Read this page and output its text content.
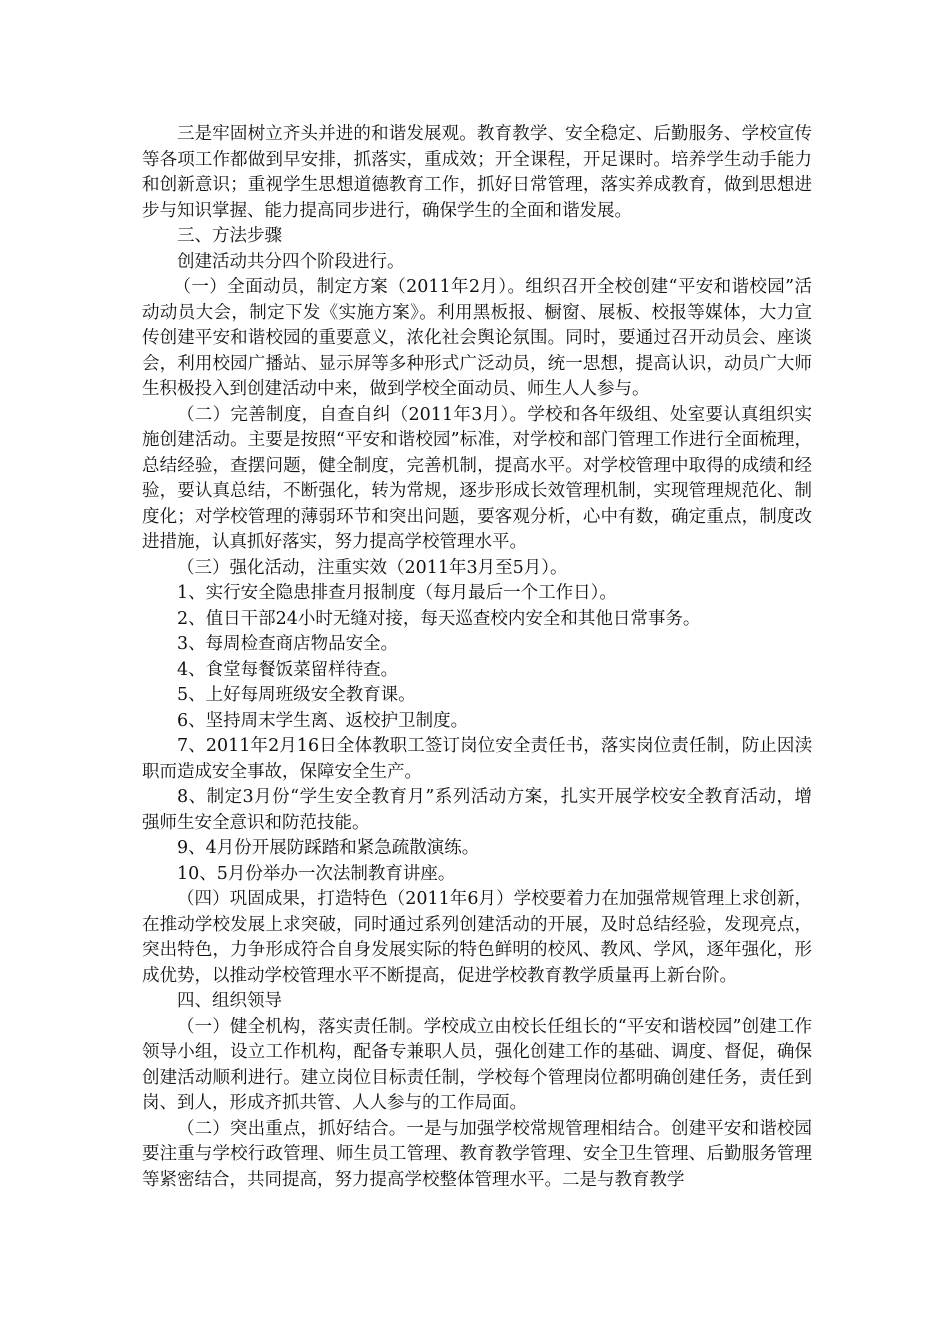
三是牢固树立齐头并进的和谐发展观。教育教学、安全稳定、后勤服务、学校宣传等各项工作都做到早安排，抓落实，重成效；开全课程，开足课时。培养学生动手能力和创新意识；重视学生思想道德教育工作，抓好日常管理，落实养成教育，做到思想进步与知识掌握、能力提高同步进行，确保学生的全面和谐发展。

三、方法步骤

创建活动共分四个阶段进行。

（一）全面动员，制定方案（2011年2月）。组织召开全校创建“平安和谐校园”活动动员大会，制定下发《实施方案》。利用黑板报、橱窗、展板、校报等媒体，大力宣传创建平安和谐校园的重要意义，浓化社会舆论氛围。同时，要通过召开动员会、座谈会，利用校园广播站、显示屏等多种形式广泛动员，统一思想，提高认识，动员广大师生积极投入到创建活动中来，做到学校全面动员、师生人人参与。

（二）完善制度，自查自纠（2011年3月）。学校和各年级组、处室要认真组织实施创建活动。主要是按照“平安和谐校园”标准，对学校和部门管理工作进行全面梳理，总结经验，查摆问题，健全制度，完善机制，提高水平。对学校管理中取得的成绩和经验，要认真总结，不断强化，转为常规，逐步形成长效管理机制，实现管理规范化、制度化；对学校管理的薄弱环节和突出问题，要客观分析，心中有数，确定重点，制度改进措施，认真抓好落实，努力提高学校管理水平。

（三）强化活动，注重实效（2011年3月至5月）。

1、实行安全隐患排查月报制度（每月最后一个工作日）。

2、值日干部24小时无缝对接，每天巡查校内安全和其他日常事务。

3、每周检查商店物品安全。

4、食堂每餐饭菜留样待查。

5、上好每周班级安全教育课。

6、坚持周末学生离、返校护卫制度。

7、2011年2月16日全体教职工签订岗位安全责任书，落实岗位责任制，防止因渎职而造成安全事故，保障安全生产。

8、制定3月份“学生安全教育月”系列活动方案，扎实开展学校安全教育活动，增强师生安全意识和防范技能。

9、4月份开展防踩踏和紧急疏散演练。

10、5月份举办一次法制教育讲座。

（四）巩固成果，打造特色（2011年6月）学校要着力在加强常规管理上求创新，在推动学校发展上求突破，同时通过系列创建活动的开展，及时总结经验，发现亮点，突出特色，力争形成符合自身发展实际的特色鲜明的校风、教风、学风，逐年强化，形成优势，以推动学校管理水平不断提高，促进学校教育教学质量再上新台阶。

四、组织领导

（一）健全机构，落实责任制。学校成立由校长任组长的“平安和谐校园”创建工作领导小组，设立工作机构，配备专兼职人员，强化创建工作的基础、调度、督促，确保创建活动顺利进行。建立岗位目标责任制，学校每个管理岗位都明确创建任务，责任到岗、到人，形成齐抓共管、人人参与的工作局面。

（二）突出重点，抓好结合。一是与加强学校常规管理相结合。创建平安和谐校园要注重与学校行政管理、师生员工管理、教育教学管理、安全卫生管理、后勤服务管理等紧密结合，共同提高，努力提高学校整体管理水平。二是与教育教学
